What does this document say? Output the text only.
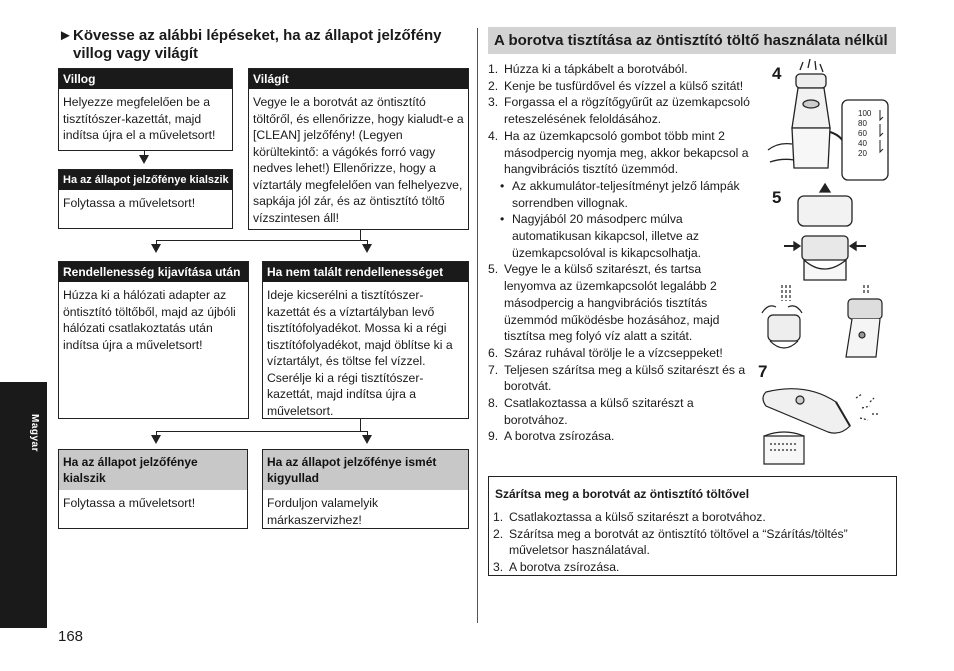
► Kövesse az alábbi lépéseket, ha az állapot jelzőfény villog vagy világít
Villog
Helyezze megfelelően be a tisztítószer-kazettát, majd indítsa újra el a műveletsort!
Világít
Vegye le a borotvát az öntisztító töltőről, és ellenőrizze, hogy kialudt-e a [CLEAN] jelzőfény! (Legyen körültekintő: a vágókés forró vagy nedves lehet!) Ellenőrizze, hogy a víztartály megfelelően van felhelyezve, sapkája jól zár, és az öntisztító töltő vízszintesen áll!
Ha az állapot jelzőfénye kialszik
Folytassa a műveletsort!
Rendellenesség kijavítása után
Húzza ki a hálózati adapter az öntisztító töltőből, majd az újbóli hálózati csatlakoztatás után indítsa újra a műveletsort!
Ha nem talált rendellenességet
Ideje kicserélni a tisztítószer-kazettát és a víztartályban levő tisztítófolyadékot. Mossa ki a régi tisztítófolyadékot, majd öblítse ki a víztartályt, és töltse fel vízzel. Cserélje ki a régi tisztítószer-kazettát, majd indítsa újra a műveletsort.
Ha az állapot jelzőfénye kialszik
Folytassa a műveletsort!
Ha az állapot jelzőfénye ismét kigyullad
Forduljon valamelyik márkaszervizhez!
A borotva tisztítása az öntisztító töltő használata nélkül
1. Húzza ki a tápkábelt a borotvából.
2. Kenje be tusfürdővel és vízzel a külső szitát!
3. Forgassa el a rögzítőgyűrűt az üzemkapcsoló reteszelésének feloldásához.
4. Ha az üzemkapcsoló gombot több mint 2 másodpercig nyomja meg, akkor bekapcsol a hangvibrációs tisztító üzemmód.
• Az akkumulátor-teljesítményt jelző lámpák sorrendben villognak.
• Nagyjából 20 másodperc múlva automatikusan kikapcsol, illetve az üzemkapcsolóval is kikapcsolhatja.
5. Vegye le a külső szitarészt, és tartsa lenyomva az üzemkapcsolót legalább 2 másodpercig a hangvibrációs tisztítás üzemmód működésbe hozásához, majd tisztítsa meg folyó víz alatt a szitát.
6. Száraz ruhával törölje le a vízcseppeket!
7. Teljesen szárítsa meg a külső szitarészt és a borotvát.
8. Csatlakoztassa a külső szitarészt a borotvához.
9. A borotva zsírozása.
4
100
80
60
40
20
5
7
Szárítsa meg a borotvát az öntisztító töltővel
1. Csatlakoztassa a külső szitarészt a borotvához.
2. Szárítsa meg a borotvát az öntisztító töltővel a “Szárítás/töltés” műveletsor használatával.
3. A borotva zsírozása.
Magyar
168
